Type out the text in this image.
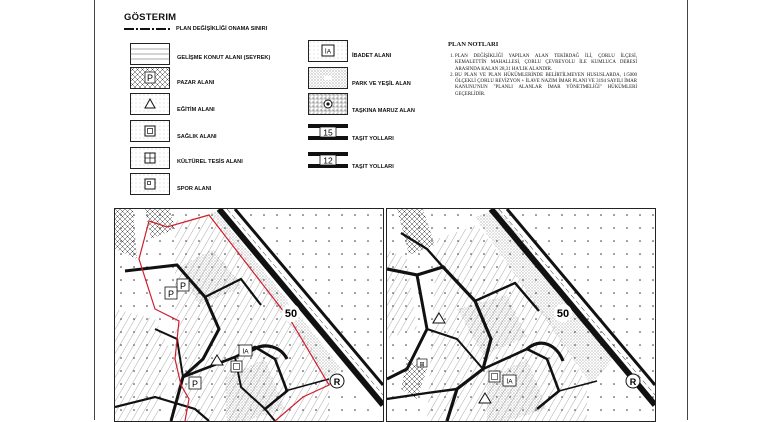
GÖSTERIM
PLAN DEĞİŞİKLİĞİ ONAMA SINIRI
GELİŞME KONUT ALANI (SEYREK)
P	PAZAR ALANI
EĞİTİM ALANI
SAĞLIK ALANI
KÜLTÜREL TESİS ALANI
SPOR ALANI
İA
İBADET ALANI
PARK VE YEŞİL ALAN
TAŞKINA MARUZ ALAN
15
TAŞIT YOLLARI
12
TAŞIT YOLLARI
PLAN NOTLARI
1. PLAN DEĞİŞİKLİĞİ YAPILAN ALAN TEKİRDAĞ İLİ, ÇORLU İLÇESİ, KEMALETTİN MAHALLESİ, ÇORLU ÇEVREYOLU İLE KUMLUCA DERESİ ARASINDA KALAN 28,31 HA'LIK ALANDIR.
2. BU PLAN VE PLAN HÜKÜMLERİNDE BELİRTİLMEYEN HUSUSLARDA, 1/5000 ÖLÇEKLİ ÇORLU REVİZYON + İLAVE NAZIM İMAR PLANI VE 3194 SAYILI İMAR KANUNU'NUN "PLANLI ALANLAR İMAR YÖNETMELİĞİ" HÜKÜMLERİ GEÇERLİDİR.
P
P
P
İA
50
R	İA
⊞
50
R
